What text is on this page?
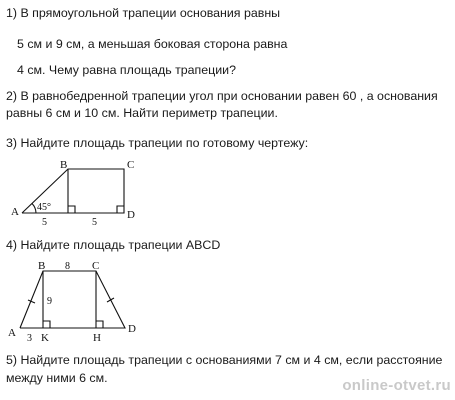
1) В прямоугольной трапеции основания равны
5 см и 9 см, а меньшая боковая сторона равна
4 см. Чему равна площадь трапеции?
2) В равнобедренной трапеции угол при основании равен 60 , а основания
равны 6 см и 10 см. Найти периметр трапеции.
3) Найдите площадь трапеции по готовому чертежу:
A
B	C
D
45°
5	5
4) Найдите площадь трапеции ABCD
A
B	C
D
K	H
8
9
3
5) Найдите площадь трапеции с основаниями 7 см и 4 см, если расстояние
между ними 6 см.	online-otvet.ru
